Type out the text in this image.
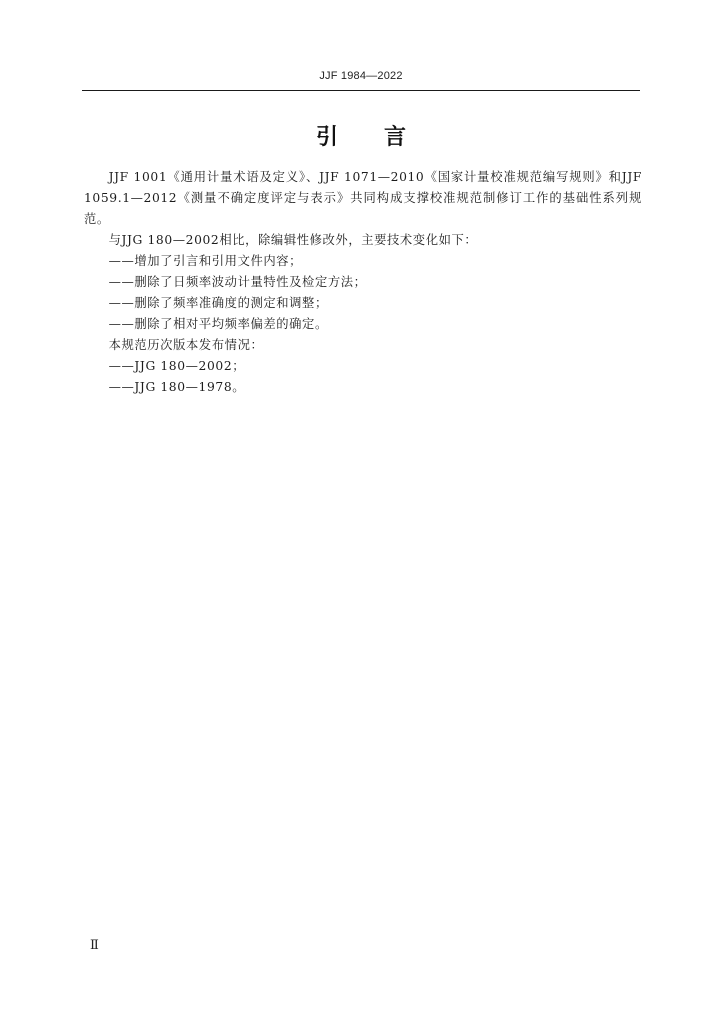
JJF 1984—2022
引言

JJF 1001《通用计量术语及定义》、JJF 1071—2010《国家计量校准规范编写规则》和JJF 1059.1—2012《测量不确定度评定与表示》共同构成支撑校准规范制修订工作的基础性系列规范。

与JJG 180—2002相比，除编辑性修改外，主要技术变化如下：

——增加了引言和引用文件内容；

——删除了日频率波动计量特性及检定方法；

——删除了频率准确度的测定和调整；

——删除了相对平均频率偏差的确定。

本规范历次版本发布情况：

——JJG 180—2002；

——JJG 180—1978。

Ⅱ
